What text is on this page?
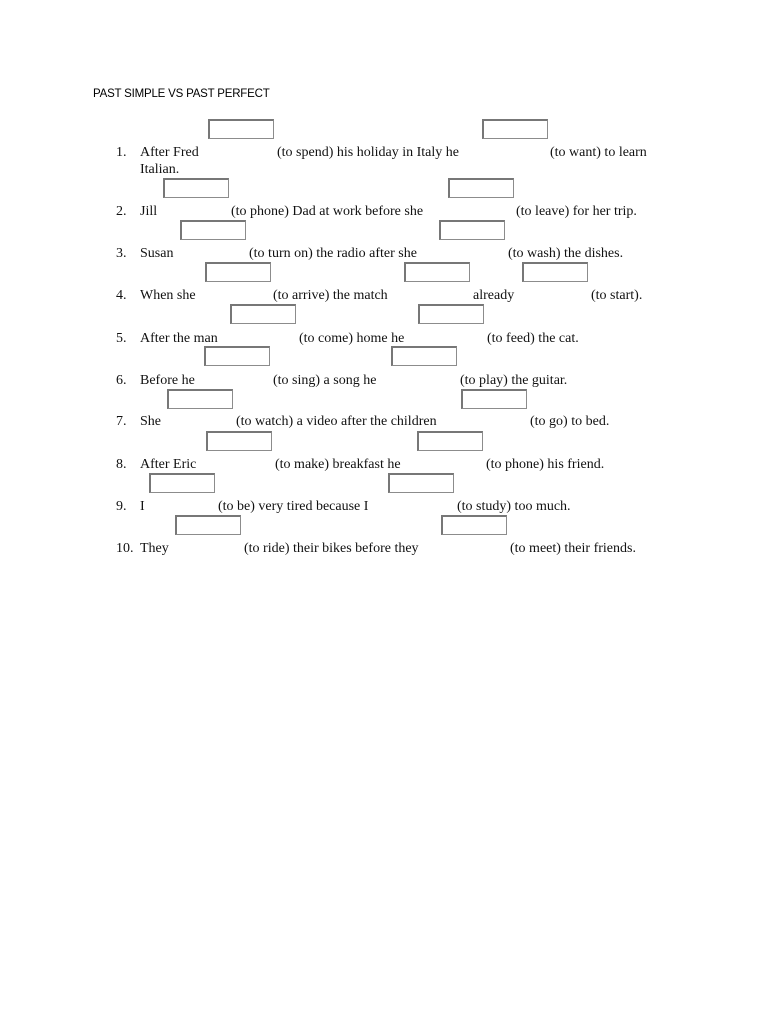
PAST SIMPLE VS PAST PERFECT
1. After Fred	(to spend) his holiday in Italy he	(to want) to learn
Italian.
2. Jill	(to phone) Dad at work before she	(to leave) for her trip.
3. Susan	(to turn on) the radio after she	(to wash) the dishes.
4. When she	(to arrive) the match	already	(to start).
5. After the man	(to come) home he	(to feed) the cat.
6. Before he	(to sing) a song he	(to play) the guitar.
7. She	(to watch) a video after the children	(to go) to bed.
8. After Eric	(to make) breakfast he	(to phone) his friend.
9. I	(to be) very tired because I	(to study) too much.
10. They	(to ride) their bikes before they	(to meet) their friends.
